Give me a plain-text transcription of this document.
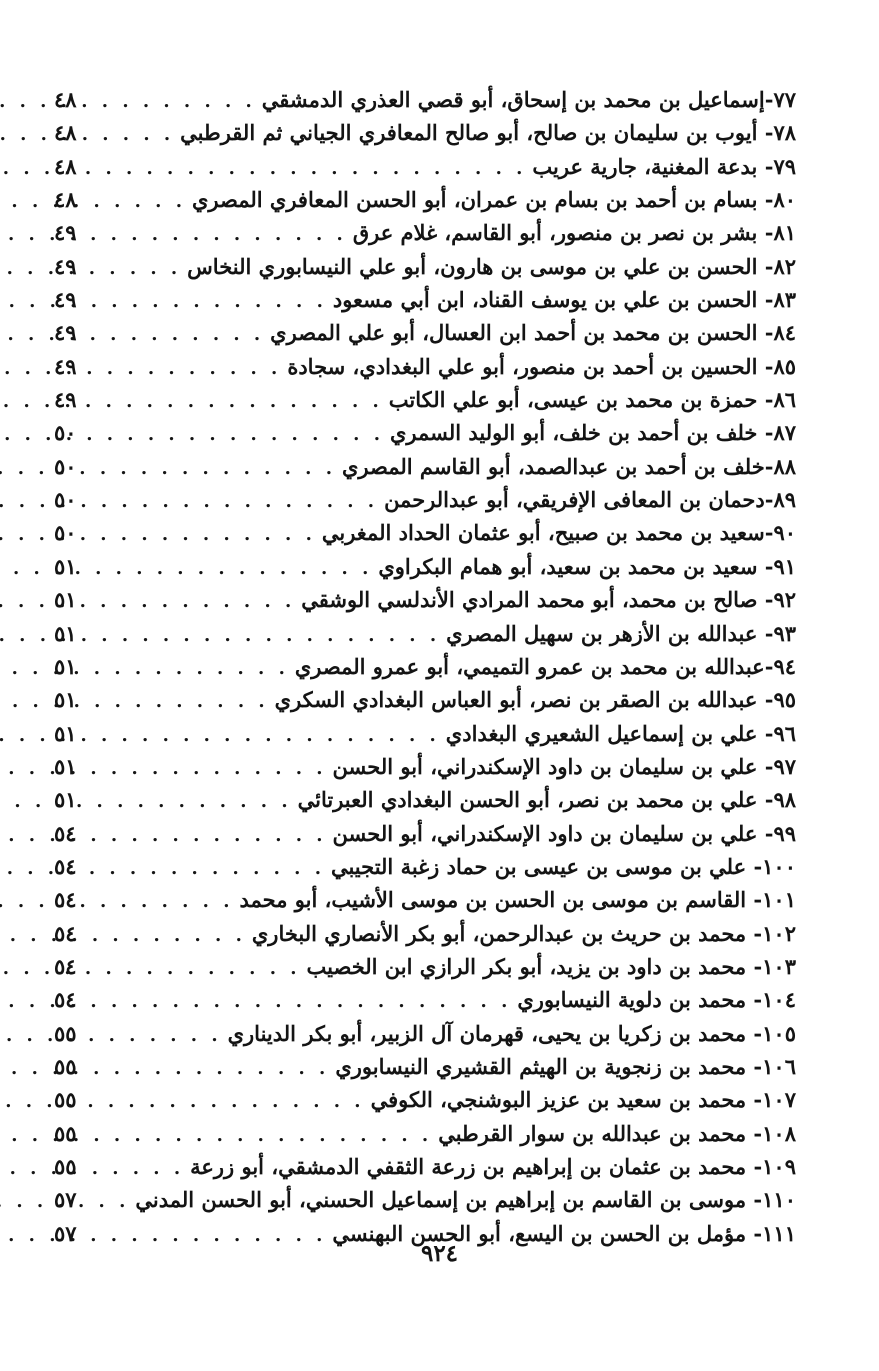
٧٧-إسماعيل بن محمد بن إسحاق، أبو قصي العذري الدمشقي
. . .
٤٨
٧٨- أيوب بن سليمان بن صالح، أبو صالح المعافري الجياني ثم القرطبي
. . .
٤٨
٧٩- بدعة المغنية، جارية عريب
. . .
٤٨
٨٠- بسام بن أحمد بن بسام بن عمران، أبو الحسن المعافري المصري
. . .
٤٨
٨١- بشر بن نصر بن منصور، أبو القاسم، غلام عرق
. . .
٤٩
٨٢- الحسن بن علي بن موسى بن هارون، أبو علي النيسابوري النخاس
. . .
٤٩
٨٣- الحسن بن علي بن يوسف القناد، ابن أبي مسعود
. . .
٤٩
٨٤- الحسن بن محمد بن أحمد ابن العسال، أبو علي المصري
. . .
٤٩
٨٥- الحسين بن أحمد بن منصور، أبو علي البغدادي، سجادة
. . .
٤٩
٨٦- حمزة بن محمد بن عيسى، أبو علي الكاتب
. . .
٤٩
٨٧- خلف بن أحمد بن خلف، أبو الوليد السمري
. . .
٥٠
٨٨-خلف بن أحمد بن عبدالصمد، أبو القاسم المصري
. . .
٥٠
٨٩-دحمان بن المعافى الإفريقي، أبو عبدالرحمن
. . .
٥٠
٩٠-سعيد بن محمد بن صبيح، أبو عثمان الحداد المغربي
. . .
٥٠
٩١- سعيد بن محمد بن سعيد، أبو همام البكراوي
. . .
٥١
٩٢- صالح بن محمد، أبو محمد المرادي الأندلسي الوشقي
. . .
٥١
٩٣- عبدالله بن الأزهر بن سهيل المصري
. . .
٥١
٩٤-عبدالله بن محمد بن عمرو التميمي، أبو عمرو المصري
. . .
٥١
٩٥- عبدالله بن الصقر بن نصر، أبو العباس البغدادي السكري
. . .
٥١
٩٦- علي بن إسماعيل الشعيري البغدادي
. . .
٥١
٩٧- علي بن سليمان بن داود الإسكندراني، أبو الحسن
. . .
٥١
٩٨- علي بن محمد بن نصر، أبو الحسن البغدادي العبرتائي
. . .
٥١
٩٩- علي بن سليمان بن داود الإسكندراني، أبو الحسن
. . .
٥٤
١٠٠- علي بن موسى بن عيسى بن حماد زغبة التجيبي
. . .
٥٤
١٠١- القاسم بن موسى بن الحسن بن موسى الأشيب، أبو محمد
. . .
٥٤
١٠٢- محمد بن حريث بن عبدالرحمن، أبو بكر الأنصاري البخاري
. . .
٥٤
١٠٣- محمد بن داود بن يزيد، أبو بكر الرازي ابن الخصيب
. . .
٥٤
١٠٤- محمد بن دلوية النيسابوري
. . .
٥٤
١٠٥- محمد بن زكريا بن يحيى، قهرمان آل الزبير، أبو بكر الديناري
. . .
٥٥
١٠٦- محمد بن زنجوية بن الهيثم القشيري النيسابوري
. . .
٥٥
١٠٧- محمد بن سعيد بن عزيز البوشنجي، الكوفي
. . .
٥٥
١٠٨- محمد بن عبدالله بن سوار القرطبي
. . .
٥٥
١٠٩- محمد بن عثمان بن إبراهيم بن زرعة الثقفي الدمشقي، أبو زرعة
. . .
٥٥
١١٠- موسى بن القاسم بن إبراهيم بن إسماعيل الحسني، أبو الحسن المدني
. . .
٥٧
١١١- مؤمل بن الحسن بن اليسع، أبو الحسن البهنسي
. . .
٥٧
٩٢٤
